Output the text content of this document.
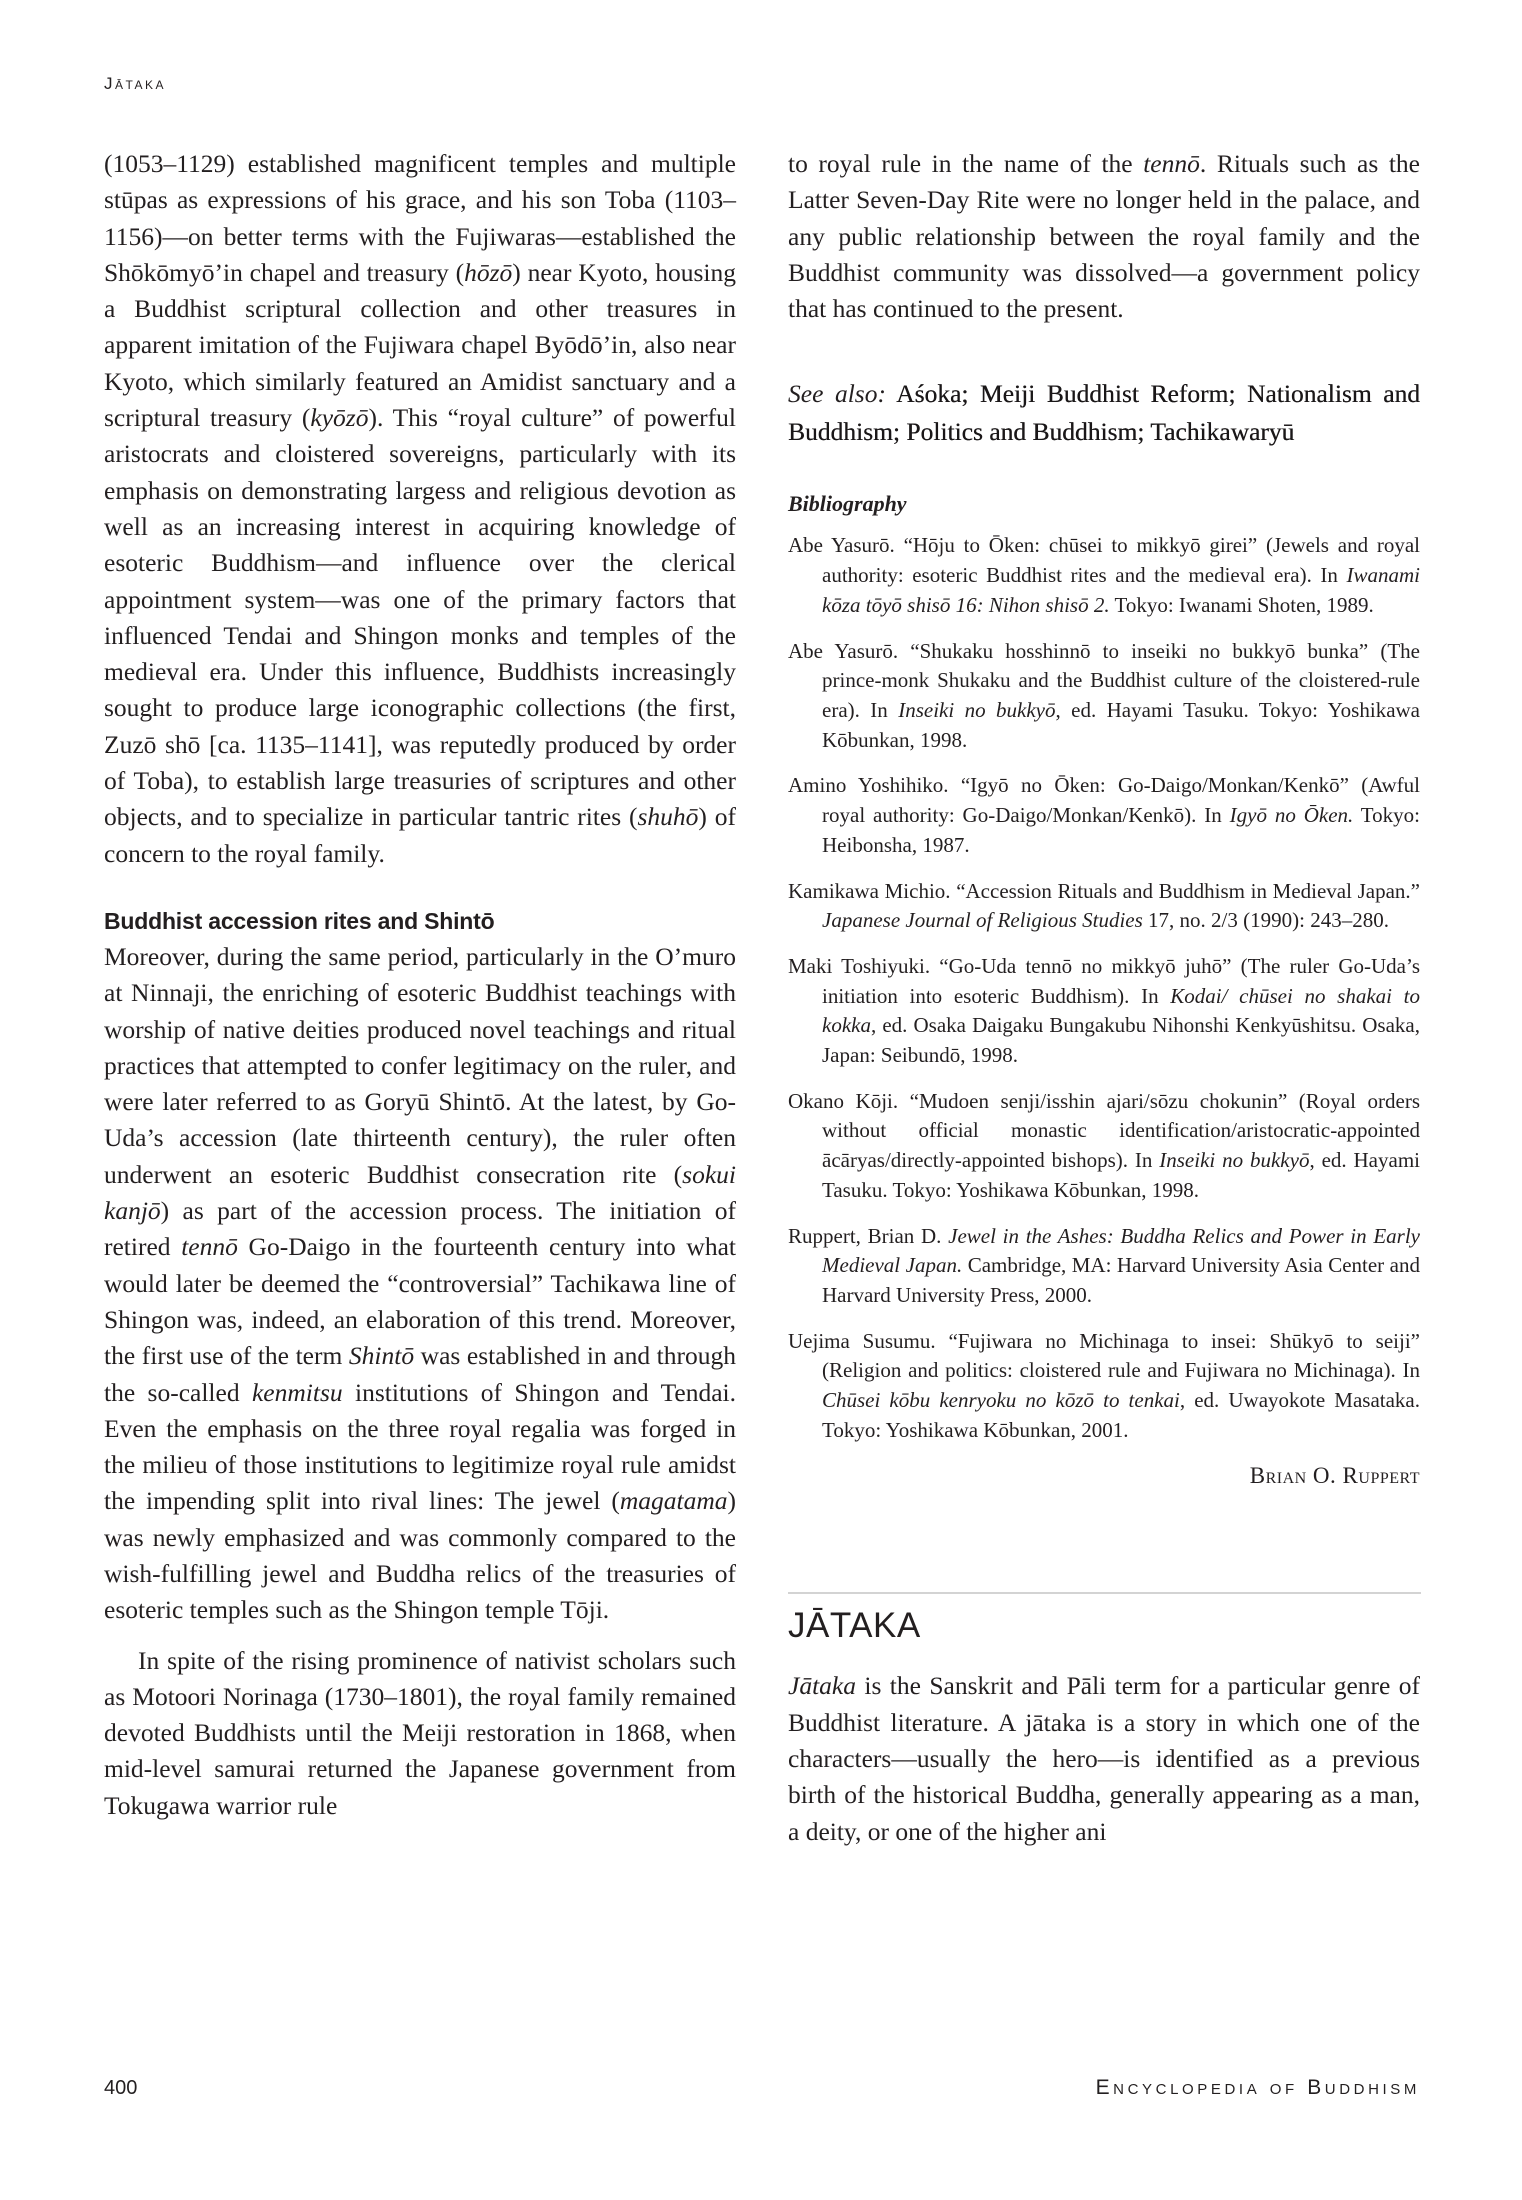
Jātaka

(1053–1129) established magnificent temples and multiple stūpas as expressions of his grace, and his son Toba (1103–1156)—on better terms with the Fujiwaras—established the Shōkōmyō’in chapel and treasury (hōzō) near Kyoto, housing a Buddhist scriptural collection and other treasures in apparent imitation of the Fujiwara chapel Byōdō’in, also near Kyoto, which similarly featured an Amidist sanctuary and a scriptural treasury (kyōzō). This “royal culture” of powerful aristocrats and cloistered sovereigns, particularly with its emphasis on demonstrating largess and religious devotion as well as an increasing interest in acquiring knowledge of esoteric Buddhism—and influence over the clerical appointment system—was one of the primary factors that influenced Tendai and Shingon monks and temples of the medieval era. Under this influence, Buddhists increasingly sought to produce large iconographic collections (the first, Zuzō shō [ca. 1135–1141], was reputedly produced by order of Toba), to establish large treasuries of scriptures and other objects, and to specialize in particular tantric rites (shuhō) of concern to the royal family.

Buddhist accession rites and Shintō

Moreover, during the same period, particularly in the O’muro at Ninnaji, the enriching of esoteric Buddhist teachings with worship of native deities produced novel teachings and ritual practices that attempted to confer legitimacy on the ruler, and were later referred to as Goryū Shintō. At the latest, by Go-Uda’s accession (late thirteenth century), the ruler often underwent an esoteric Buddhist consecration rite (sokui kanjō) as part of the accession process. The initiation of retired tennō Go-Daigo in the fourteenth century into what would later be deemed the “controversial” Tachikawa line of Shingon was, indeed, an elaboration of this trend. Moreover, the first use of the term Shintō was established in and through the so-called kenmitsu institutions of Shingon and Tendai. Even the emphasis on the three royal regalia was forged in the milieu of those institutions to legitimize royal rule amidst the impending split into rival lines: The jewel (magatama) was newly emphasized and was commonly compared to the wish-fulfilling jewel and Buddha relics of the treasuries of esoteric temples such as the Shingon temple Tōji.

In spite of the rising prominence of nativist scholars such as Motoori Norinaga (1730–1801), the royal family remained devoted Buddhists until the Meiji restoration in 1868, when mid-level samurai returned the Japanese government from Tokugawa warrior rule

to royal rule in the name of the tennō. Rituals such as the Latter Seven-Day Rite were no longer held in the palace, and any public relationship between the royal family and the Buddhist community was dissolved—a government policy that has continued to the present.

See also: Aśoka; Meiji Buddhist Reform; Nationalism and Buddhism; Politics and Buddhism; Tachikawaryū
Bibliography
Abe Yasurō. “Hōju to Ōken: chūsei to mikkyō girei” (Jewels and royal authority: esoteric Buddhist rites and the medieval era). In Iwanami kōza tōyō shisō 16: Nihon shisō 2. Tokyo: Iwanami Shoten, 1989.
Abe Yasurō. “Shukaku hosshinnō to inseiki no bukkyō bunka” (The prince-monk Shukaku and the Buddhist culture of the cloistered-rule era). In Inseiki no bukkyō, ed. Hayami Tasuku. Tokyo: Yoshikawa Kōbunkan, 1998.
Amino Yoshihiko. “Igyō no Ōken: Go-Daigo/Monkan/Kenkō” (Awful royal authority: Go-Daigo/Monkan/Kenkō). In Igyō no Ōken. Tokyo: Heibonsha, 1987.
Kamikawa Michio. “Accession Rituals and Buddhism in Medieval Japan.” Japanese Journal of Religious Studies 17, no. 2/3 (1990): 243–280.
Maki Toshiyuki. “Go-Uda tennō no mikkyō juhō” (The ruler Go-Uda’s initiation into esoteric Buddhism). In Kodai/ chūsei no shakai to kokka, ed. Osaka Daigaku Bungakubu Nihonshi Kenkyūshitsu. Osaka, Japan: Seibundō, 1998.
Okano Kōji. “Mudoen senji/isshin ajari/sōzu chokunin” (Royal orders without official monastic identification/aristocratic-appointed ācāryas/directly-appointed bishops). In Inseiki no bukkyō, ed. Hayami Tasuku. Tokyo: Yoshikawa Kōbunkan, 1998.
Ruppert, Brian D. Jewel in the Ashes: Buddha Relics and Power in Early Medieval Japan. Cambridge, MA: Harvard University Asia Center and Harvard University Press, 2000.
Uejima Susumu. “Fujiwara no Michinaga to insei: Shūkyō to seiji” (Religion and politics: cloistered rule and Fujiwara no Michinaga). In Chūsei kōbu kenryoku no kōzō to tenkai, ed. Uwayokote Masataka. Tokyo: Yoshikawa Kōbunkan, 2001.
Brian O. Ruppert
JĀTAKA

Jātaka is the Sanskrit and Pāli term for a particular genre of Buddhist literature. A jātaka is a story in which one of the characters—usually the hero—is identified as a previous birth of the historical Buddha, generally appearing as a man, a deity, or one of the higher ani

400	Encyclopedia of Buddhism
